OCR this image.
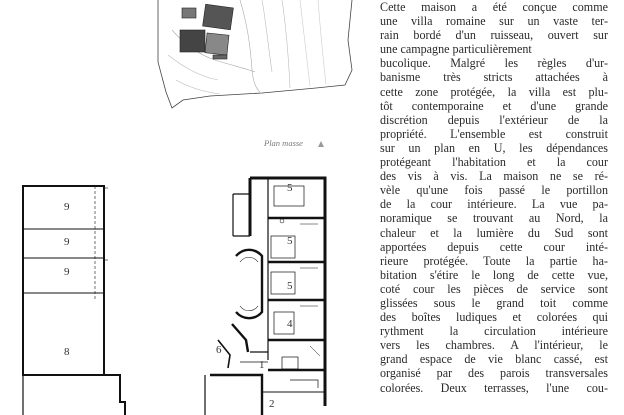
9
9
9
8
5
5
5
4
6
1
2
Plan masse
Cette maison a été conçue comme
une villa romaine sur un vaste ter-
rain bordé d'un ruisseau, ouvert sur
une campagne particulièrement
bucolique. Malgré les règles d'ur-
banisme très stricts attachées à
cette zone protégée, la villa est plu-
tôt contemporaine et d'une grande
discrétion depuis l'extérieur de la
propriété. L'ensemble est construit
sur un plan en U, les dépendances
protégeant l'habitation et la cour
des vis à vis. La maison ne se ré-
vèle qu'une fois passé le portillon
de la cour intérieure. La vue pa-
noramique se trouvant au Nord, la
chaleur et la lumière du Sud sont
apportées depuis cette cour inté-
rieure protégée. Toute la partie ha-
bitation s'étire le long de cette vue,
coté cour les pièces de service sont
glissées sous le grand toit comme
des boîtes ludiques et colorées qui
rythment la circulation intérieure
vers les chambres. A l'intérieur, le
grand espace de vie blanc cassé, est
organisé par des parois transversales
colorées. Deux terrasses, l'une cou-
